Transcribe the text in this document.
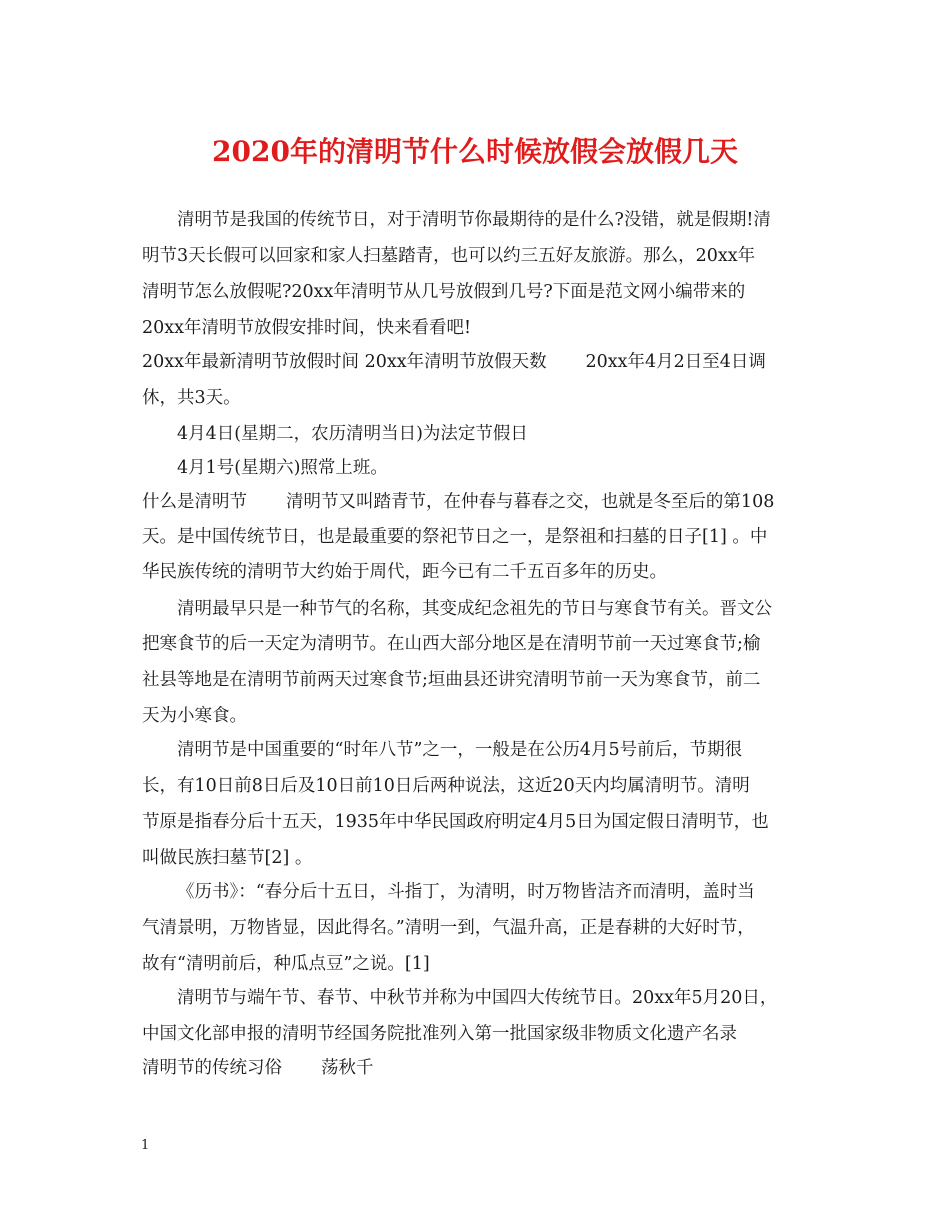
2020年的清明节什么时候放假会放假几天
清明节是我国的传统节日，对于清明节你最期待的是什么?没错，就是假期!清
明节3天长假可以回家和家人扫墓踏青，也可以约三五好友旅游。那么，20xx年
清明节怎么放假呢?20xx年清明节从几号放假到几号?下面是范文网小编带来的
20xx年清明节放假安排时间，快来看看吧!
20xx年最新清明节放假时间 20xx年清明节放假天数       20xx年4月2日至4日调
休，共3天。
4月4日(星期二，农历清明当日)为法定节假日
4月1号(星期六)照常上班。
什么是清明节       清明节又叫踏青节，在仲春与暮春之交，也就是冬至后的第108
天。是中国传统节日，也是最重要的祭祀节日之一，是祭祖和扫墓的日子[1] 。中
华民族传统的清明节大约始于周代，距今已有二千五百多年的历史。
清明最早只是一种节气的名称，其变成纪念祖先的节日与寒食节有关。晋文公
把寒食节的后一天定为清明节。在山西大部分地区是在清明节前一天过寒食节;榆
社县等地是在清明节前两天过寒食节;垣曲县还讲究清明节前一天为寒食节，前二
天为小寒食。
清明节是中国重要的“时年八节”之一，一般是在公历4月5号前后，节期很
长，有10日前8日后及10日前10日后两种说法，这近20天内均属清明节。清明
节原是指春分后十五天，1935年中华民国政府明定4月5日为国定假日清明节，也
叫做民族扫墓节[2] 。
《历书》：“春分后十五日，斗指丁，为清明，时万物皆洁齐而清明，盖时当
气清景明，万物皆显，因此得名。”清明一到，气温升高，正是春耕的大好时节，
故有“清明前后，种瓜点豆”之说。[1]
清明节与端午节、春节、中秋节并称为中国四大传统节日。20xx年5月20日，
中国文化部申报的清明节经国务院批准列入第一批国家级非物质文化遗产名录
清明节的传统习俗       荡秋千
1
